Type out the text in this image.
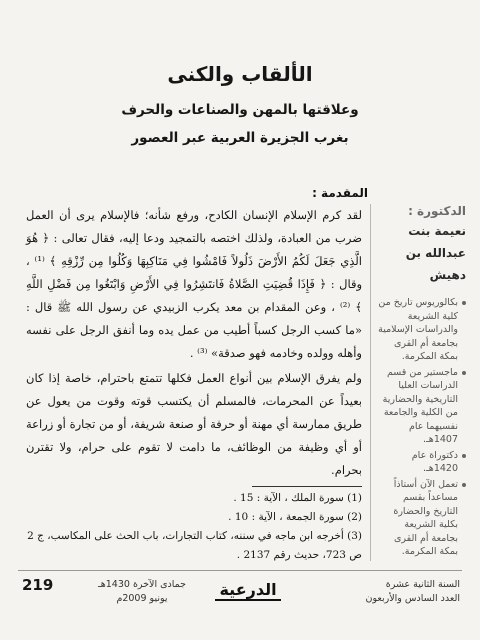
الألقاب والكنى
وعلاقتها بالمهن والصناعات والحرف
بغرب الجزيرة العربية عبر العصور
المقدمة :

لقد كرم الإسلام الإنسان الكادح، ورفع شأنه؛ فالإسلام يرى أن العمل ضرب من العبادة، ولذلك اختصه بالتمجيد ودعا إليه، فقال تعالى : ﴿ هُوَ الَّذِي جَعَلَ لَكُمُ الأَرْضَ ذَلُولاً فَامْشُوا فِي مَنَاكِبِهَا وَكُلُوا مِن رِّزْقِهِ ﴾ ⁽¹⁾ ، وقال : ﴿ فَإِذَا قُضِيَتِ الصَّلاةُ فَانتَشِرُوا فِي الأَرْضِ وَابْتَغُوا مِن فَضْلِ اللَّهِ ﴾ ⁽²⁾ ، وعن المقدام بن معد يكرب الزبيدي عن رسول الله ﷺ قال : «ما كسب الرجل كسباً أطيب من عمل يده وما أنفق الرجل على نفسه وأهله وولده وخادمه فهو صدقة» ⁽³⁾ .

ولم يفرق الإسلام بين أنواع العمل فكلها تتمتع باحترام، خاصة إذا كان بعيداً عن المحرمات، فالمسلم أن يكتسب قوته وقوت من يعول عن طريق ممارسة أي مهنة أو حرفة أو صنعة شريفة، أو من تجارة أو زراعة أو أي وظيفة من الوظائف، ما دامت لا تقوم على حرام، ولا تقترن بحرام.

(1) سورة الملك ، الآية : 15 .
(2) سورة الجمعة ، الآية : 10 .
(3) أخرجه ابن ماجه في سننه، كتاب التجارات، باب الحث على المكاسب، ج 2 ص 723، حديث رقم 2137 .
الدكتورة :
نعيمة بنت
عبدالله بن
دهيش
بكالوريوس تاريخ من كلية الشريعة والدراسات الإسلامية بجامعة أم القرى بمكة المكرمة.
ماجستير من قسم الدراسات العليا التاريخية والحضارية من الكلية والجامعة نفسيهما عام 1407هـ.
دكتوراة عام 1420هـ.
تعمل الآن أستاذاً مساعداً بقسم التاريخ والحضارة بكلية الشريعة بجامعة أم القرى بمكة المكرمة.
السنة الثانية عشرة
العدد السادس والأربعون
الدرعية
جمادى الآخرة 1430هـ
يونيو 2009م
219
